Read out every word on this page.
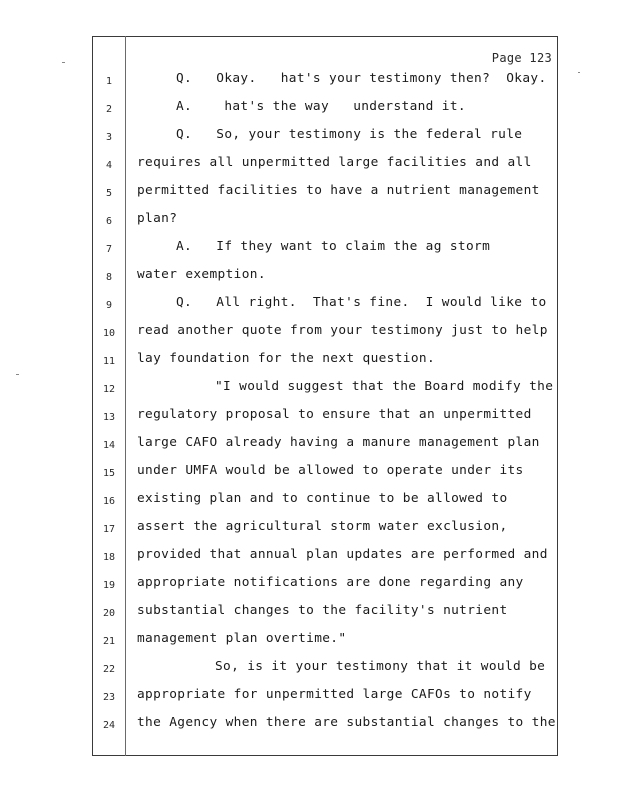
Page 123
1	Q.   Okay.   hat's your testimony then?  Okay.
2	A.    hat's the way   understand it.
3	Q.   So, your testimony is the federal rule
4	requires all unpermitted large facilities and all
5	permitted facilities to have a nutrient management
6	plan?
7	A.   If they want to claim the ag storm
8	water exemption.
9	Q.   All right.  That's fine.  I would like to
10 read another quote from your testimony just to help
11 lay foundation for the next question.
12	"I would suggest that the Board modify the
13 regulatory proposal to ensure that an unpermitted
14 large CAFO already having a manure management plan
15 under UMFA would be allowed to operate under its
16 existing plan and to continue to be allowed to
17 assert the agricultural storm water exclusion,
18 provided that annual plan updates are performed and
19 appropriate notifications are done regarding any
20 substantial changes to the facility's nutrient
21 management plan overtime."
22	So, is it your testimony that it would be
23 appropriate for unpermitted large CAFOs to notify
24 the Agency when there are substantial changes to the
